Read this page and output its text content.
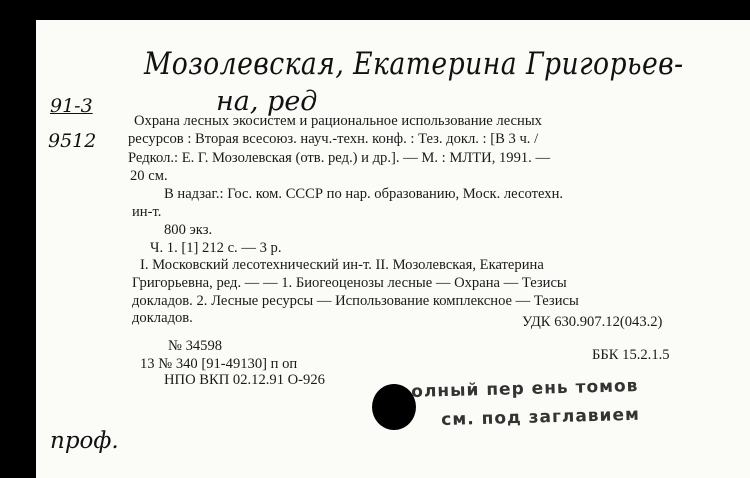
Мозолевская, Екатерина Григорьев-
на, ред
91-3
9512
Охрана лесных экосистем и рациональное использование лесных
ресурсов : Вторая всесоюз. науч.-техн. конф. : Тез. докл. : [В 3 ч. /
Редкол.: Е. Г. Мозолевская (отв. ред.) и др.]. — М. : МЛТИ, 1991. —
20 см.
В надзаг.: Гос. ком. СССР по нар. образованию, Моск. лесотехн.
ин-т.
800 экз.
Ч. 1. [1] 212 с. — 3 р.
I. Московский лесотехнический ин-т. II. Мозолевская, Екатерина
Григорьевна, ред. — — 1. Биогеоценозы лесные — Охрана — Тезисы
докладов. 2. Лесные ресурсы — Использование комплексное — Тезисы
докладов.	УДК 630.907.12(043.2)
№ 34598
13 № 340 [91-49130] п оп
ББК 15.2.1.5
НПО ВКП 02.12.91 О-926	олный пер ень томов
см. под заглавием
проф.
